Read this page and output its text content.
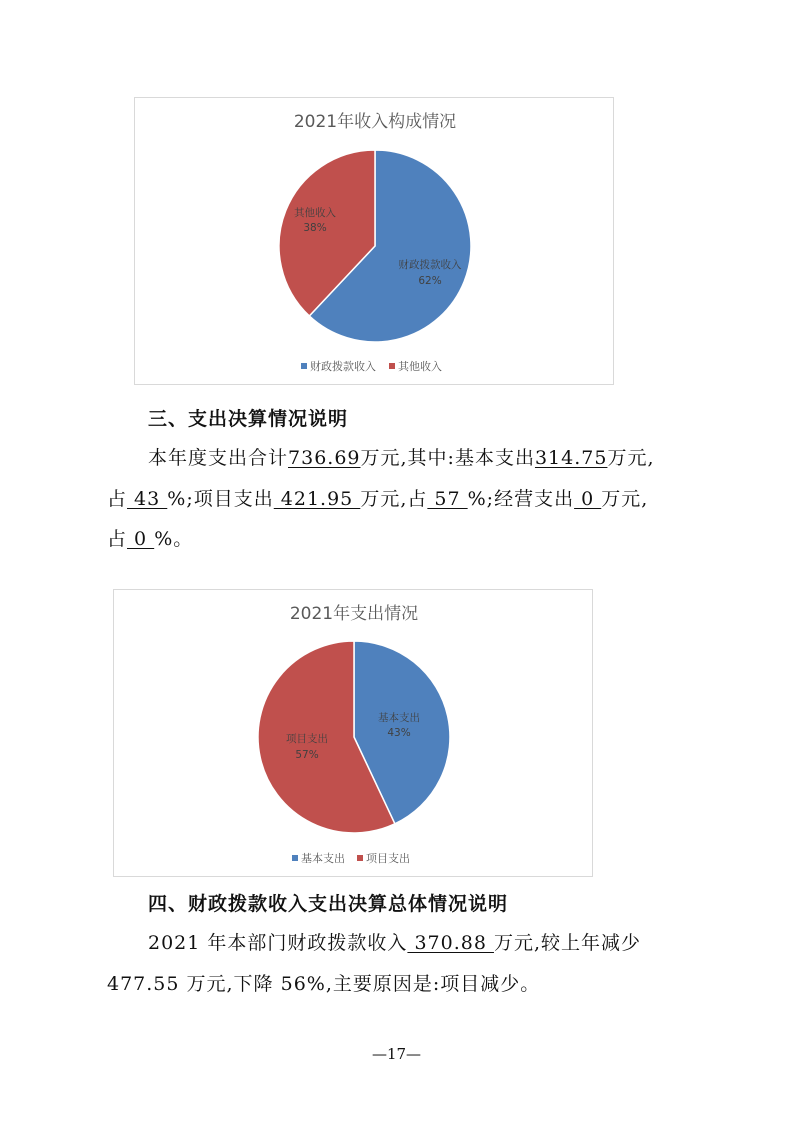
2021年收入构成情况
财政拨款收入
62%
其他收入
38%
财政拨款收入 其他收入
三、支出决算情况说明
本年度支出合计736.69万元,其中:基本支出314.75万元,
占 43 %;项目支出 421.95 万元,占 57 %;经营支出 0 万元,
占 0 %。
2021年支出情况
基本支出
43%
项目支出
57%
基本支出 项目支出
四、财政拨款收入支出决算总体情况说明
2021 年本部门财政拨款收入 370.88 万元,较上年减少
477.55 万元,下降 56%,主要原因是:项目减少。
—17—
